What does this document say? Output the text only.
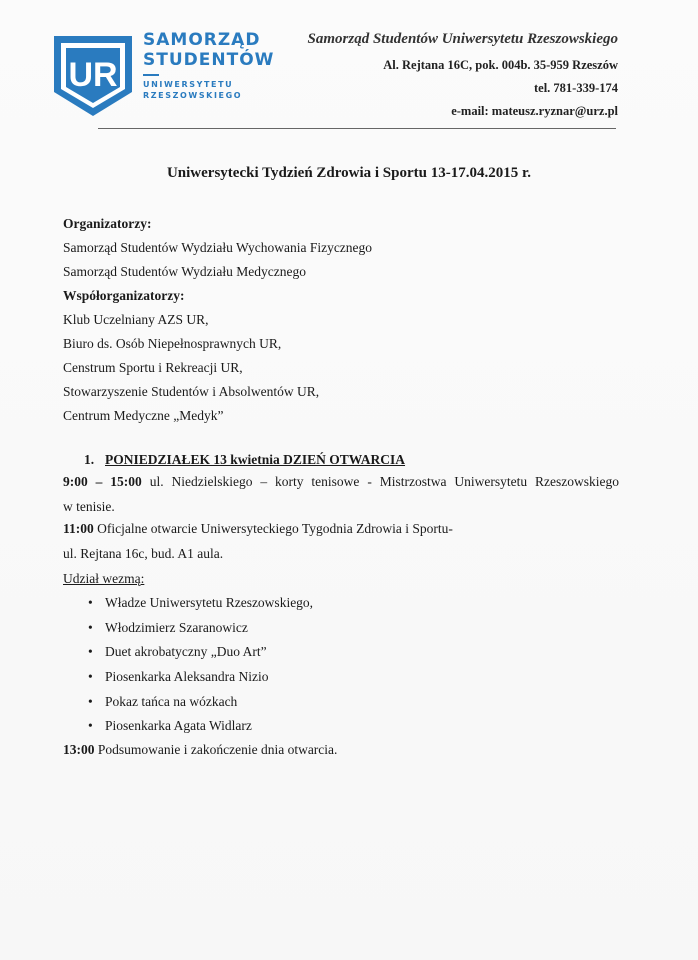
UR
SAMORZĄD
STUDENTÓW
UNIWERSYTETU
RZESZOWSKIEGO
Samorząd Studentów Uniwersytetu Rzeszowskiego
Al. Rejtana 16C, pok. 004b. 35-959 Rzeszów
tel. 781-339-174
e-mail: mateusz.ryznar@urz.pl
Uniwersytecki Tydzień Zdrowia i Sportu 13-17.04.2015 r.
Organizatorzy:
Samorząd Studentów Wydziału Wychowania Fizycznego
Samorząd Studentów Wydziału Medycznego
Współorganizatorzy:
Klub Uczelniany AZS UR,
Biuro ds. Osób Niepełnosprawnych UR,
Censtrum Sportu i Rekreacji UR,
Stowarzyszenie Studentów i Absolwentów UR,
Centrum Medyczne „Medyk”
1. PONIEDZIAŁEK 13 kwietnia DZIEŃ OTWARCIA
9:00 – 15:00 ul. Niedzielskiego – korty tenisowe - Mistrzostwa Uniwersytetu Rzeszowskiego
w tenisie.
11:00 Oficjalne otwarcie Uniwersyteckiego Tygodnia Zdrowia i Sportu-
ul. Rejtana 16c, bud. A1 aula.
Udział wezmą:
• Władze Uniwersytetu Rzeszowskiego,
• Włodzimierz Szaranowicz
• Duet akrobatyczny „Duo Art”
• Piosenkarka Aleksandra Nizio
• Pokaz tańca na wózkach
• Piosenkarka Agata Widlarz
13:00 Podsumowanie i zakończenie dnia otwarcia.
